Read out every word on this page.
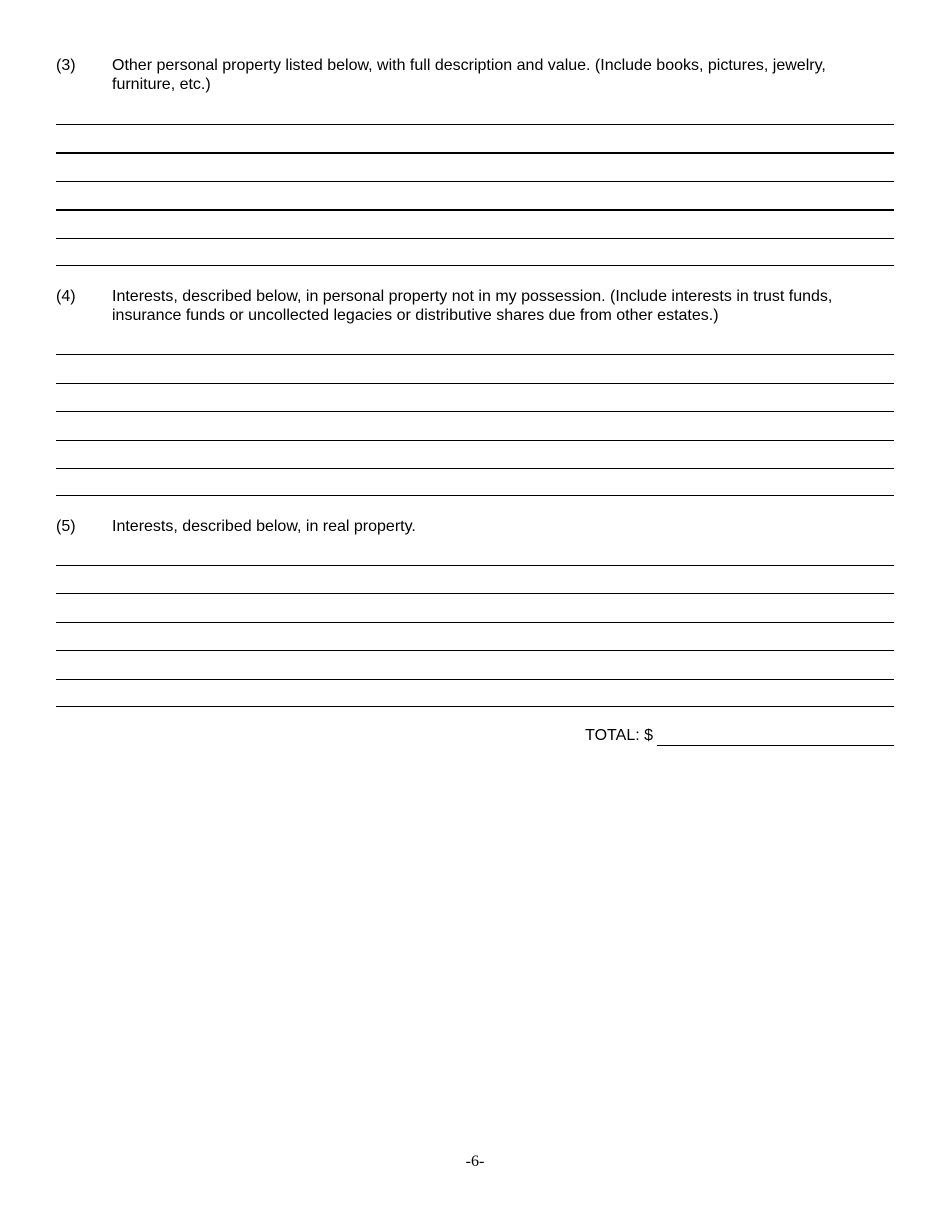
(3) Other personal property listed below, with full description and value. (Include books, pictures, jewelry,
furniture, etc.)
(4) Interests, described below, in personal property not in my possession. (Include interests in trust funds,
insurance funds or uncollected legacies or distributive shares due from other estates.)
(5) Interests, described below, in real property.
TOTAL: $
-6-
